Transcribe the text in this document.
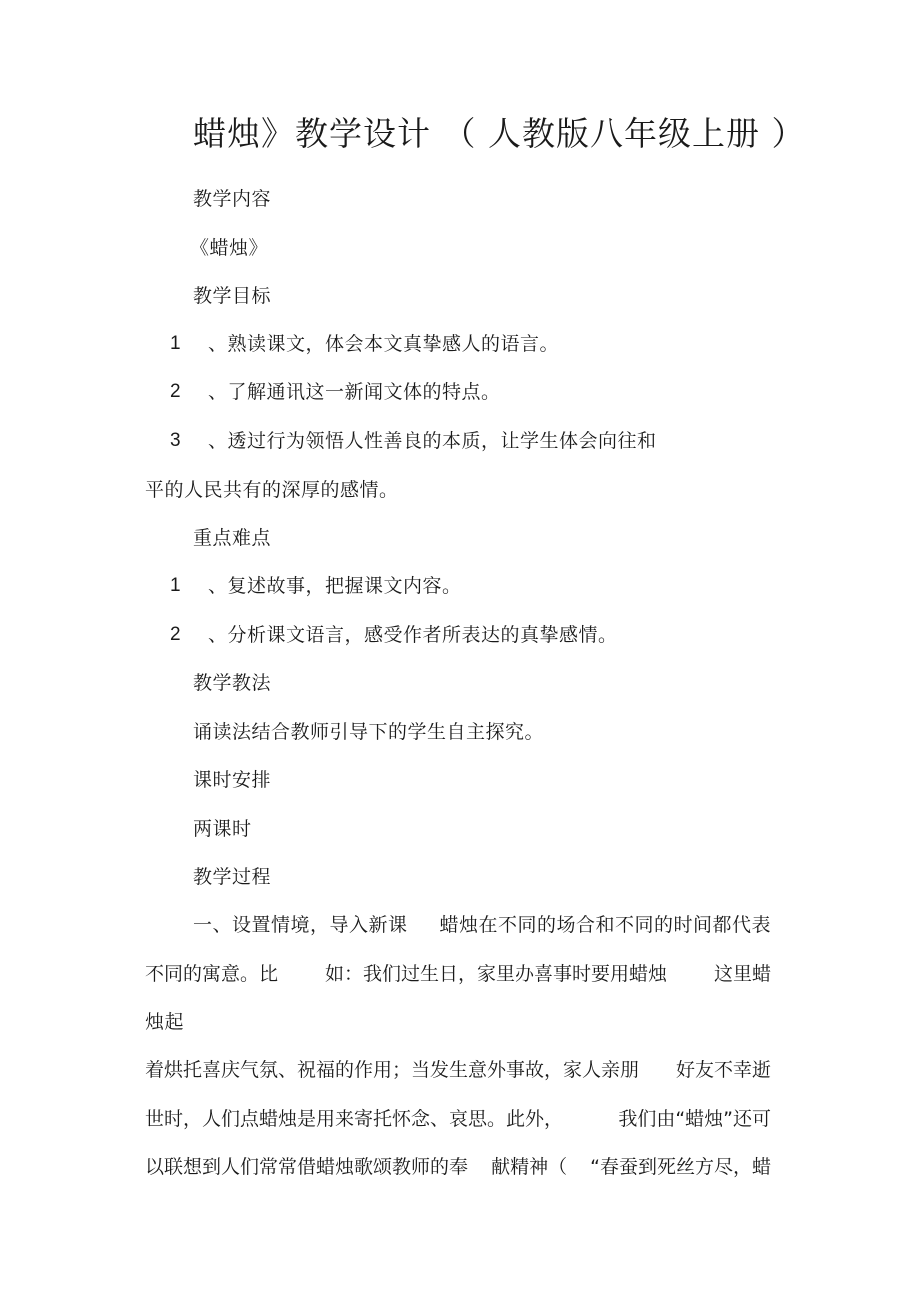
蜡烛》教学设计 （ 人教版八年级上册 ）
教学内容
《蜡烛》
教学目标
1 、熟读课文，体会本文真挚感人的语言。
2 、了解通讯这一新闻文体的特点。
3 、透过行为领悟人性善良的本质，让学生体会向往和
平的人民共有的深厚的感情。
重点难点
1 、复述故事，把握课文内容。
2 、分析课文语言，感受作者所表达的真挚感情。
教学教法
诵读法结合教师引导下的学生自主探究。
课时安排
两课时
教学过程
一、设置情境，导入新课 蜡烛在不同的场合和不同的时间都代表
不同的寓意。比 如：我们过生日，家里办喜事时要用蜡烛 这里蜡
烛起
着烘托喜庆气氛、祝福的作用；当发生意外事故，家人亲朋 好友不幸逝
世时，人们点蜡烛是用来寄托怀念、哀思。此外，	我们由“蜡烛”还可
以联想到人们常常借蜡烛歌颂教师的奉 献精神（ “春蚕到死丝方尽，蜡
